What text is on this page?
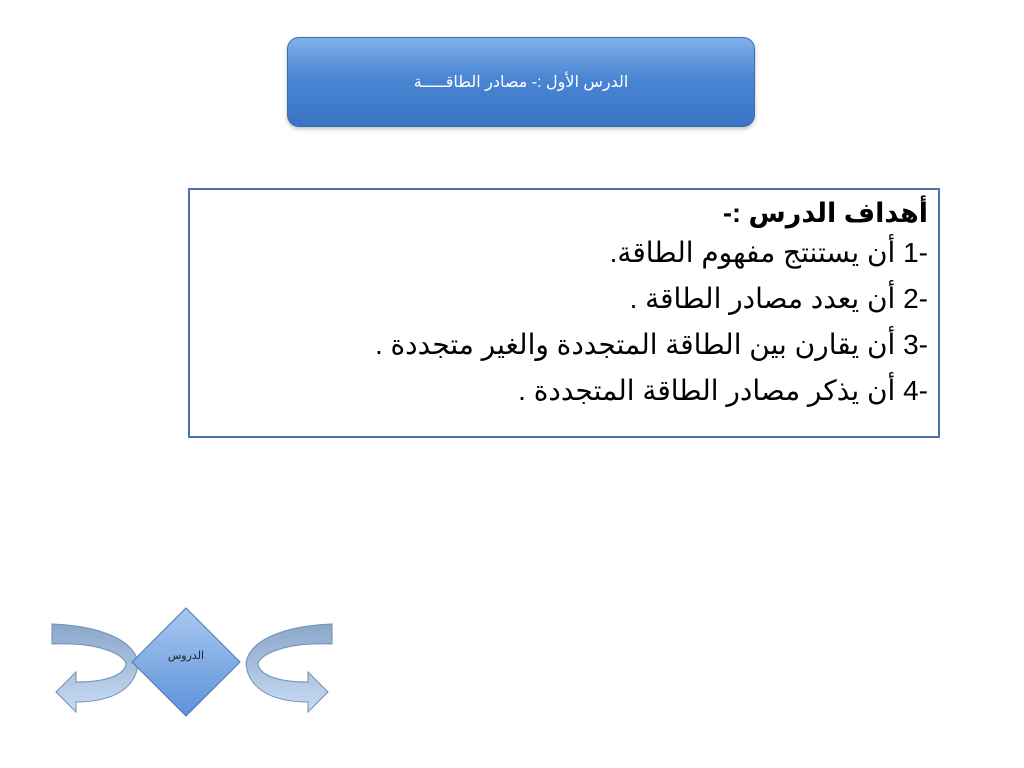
الدرس الأول :- مصادر الطاقـــــة
أهداف الدرس :-
1- أن يستنتج مفهوم الطاقة.
2- أن يعدد مصادر الطاقة .
3- أن يقارن بين الطاقة المتجددة والغير متجددة .
4- أن يذكر مصادر الطاقة المتجددة .
الدروس
